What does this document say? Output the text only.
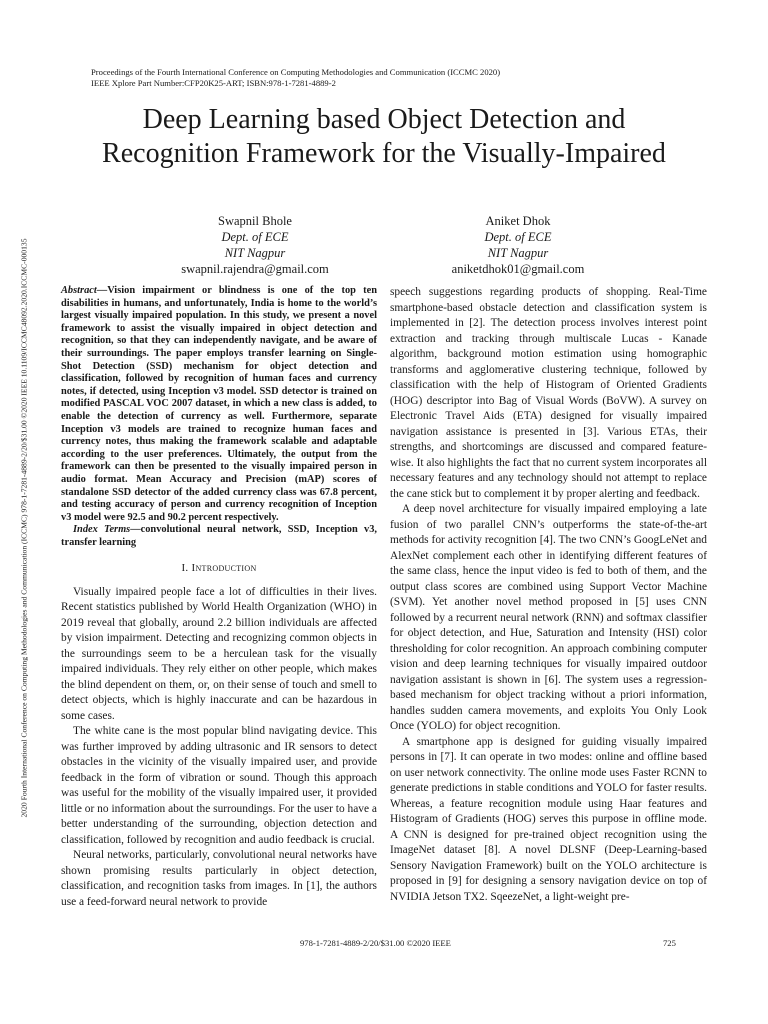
2020 Fourth International Conference on Computing Methodologies and Communication (ICCMC) 978-1-7281-4889-2/20/$31.00 ©2020 IEEE 10.1109/ICCMC48092.2020.ICCMC-000135
Proceedings of the Fourth International Conference on Computing Methodologies and Communication (ICCMC 2020)
IEEE Xplore Part Number:CFP20K25-ART; ISBN:978-1-7281-4889-2
Deep Learning based Object Detection and
Recognition Framework for the Visually-Impaired
Swapnil Bhole
Dept. of ECE
NIT Nagpur
swapnil.rajendra@gmail.com
Aniket Dhok
Dept. of ECE
NIT Nagpur
aniketdhok01@gmail.com

Abstract—Vision impairment or blindness is one of the top ten disabilities in humans, and unfortunately, India is home to the world’s largest visually impaired population. In this study, we present a novel framework to assist the visually impaired in object detection and recognition, so that they can independently navigate, and be aware of their surroundings. The paper employs transfer learning on Single-Shot Detection (SSD) mechanism for object detection and classification, followed by recognition of human faces and currency notes, if detected, using Inception v3 model. SSD detector is trained on modified PASCAL VOC 2007 dataset, in which a new class is added, to enable the detection of currency as well. Furthermore, separate Inception v3 models are trained to recognize human faces and currency notes, thus making the framework scalable and adaptable according to the user preferences. Ultimately, the output from the framework can then be presented to the visually impaired person in audio format. Mean Accuracy and Precision (mAP) scores of standalone SSD detector of the added currency class was 67.8 percent, and testing accuracy of person and currency recognition of Inception v3 model were 92.5 and 90.2 percent respectively.

Index Terms—convolutional neural network, SSD, Inception v3, transfer learning

I. Introduction

Visually impaired people face a lot of difficulties in their lives. Recent statistics published by World Health Organization (WHO) in 2019 reveal that globally, around 2.2 billion individuals are affected by vision impairment. Detecting and recognizing common objects in the surroundings seem to be a herculean task for the visually impaired individuals. They rely either on other people, which makes the blind dependent on them, or, on their sense of touch and smell to detect objects, which is highly inaccurate and can be hazardous in some cases.

The white cane is the most popular blind navigating device. This was further improved by adding ultrasonic and IR sensors to detect obstacles in the vicinity of the visually impaired user, and provide feedback in the form of vibration or sound. Though this approach was useful for the mobility of the visually impaired user, it provided little or no information about the surroundings. For the user to have a better understanding of the surrounding, objection detection and classification, followed by recognition and audio feedback is crucial.

Neural networks, particularly, convolutional neural networks have shown promising results particularly in object detection, classification, and recognition tasks from images. In [1], the authors use a feed-forward neural network to provide

speech suggestions regarding products of shopping. Real-Time smartphone-based obstacle detection and classification system is implemented in [2]. The detection process involves interest point extraction and tracking through multiscale Lucas - Kanade algorithm, background motion estimation using homographic transforms and agglomerative clustering technique, followed by classification with the help of Histogram of Oriented Gradients (HOG) descriptor into Bag of Visual Words (BoVW). A survey on Electronic Travel Aids (ETA) designed for visually impaired navigation assistance is presented in [3]. Various ETAs, their strengths, and shortcomings are discussed and compared feature-wise. It also highlights the fact that no current system incorporates all necessary features and any technology should not attempt to replace the cane stick but to complement it by proper alerting and feedback.

A deep novel architecture for visually impaired employing a late fusion of two parallel CNN’s outperforms the state-of-the-art methods for activity recognition [4]. The two CNN’s GoogLeNet and AlexNet complement each other in identifying different features of the same class, hence the input video is fed to both of them, and the output class scores are combined using Support Vector Machine (SVM). Yet another novel method proposed in [5] uses CNN followed by a recurrent neural network (RNN) and softmax classifier for object detection, and Hue, Saturation and Intensity (HSI) color thresholding for color recognition. An approach combining computer vision and deep learning techniques for visually impaired outdoor navigation assistant is shown in [6]. The system uses a regression-based mechanism for object tracking without a priori information, handles sudden camera movements, and exploits You Only Look Once (YOLO) for object recognition.

A smartphone app is designed for guiding visually impaired persons in [7]. It can operate in two modes: online and offline based on user network connectivity. The online mode uses Faster RCNN to generate predictions in stable conditions and YOLO for faster results. Whereas, a feature recognition module using Haar features and Histogram of Gradients (HOG) serves this purpose in offline mode. A CNN is designed for pre-trained object recognition using the ImageNet dataset [8]. A novel DLSNF (Deep-Learning-based Sensory Navigation Framework) built on the YOLO architecture is proposed in [9] for designing a sensory navigation device on top of NVIDIA Jetson TX2. SqeezeNet, a light-weight pre-

978-1-7281-4889-2/20/$31.00 ©2020 IEEE	725
